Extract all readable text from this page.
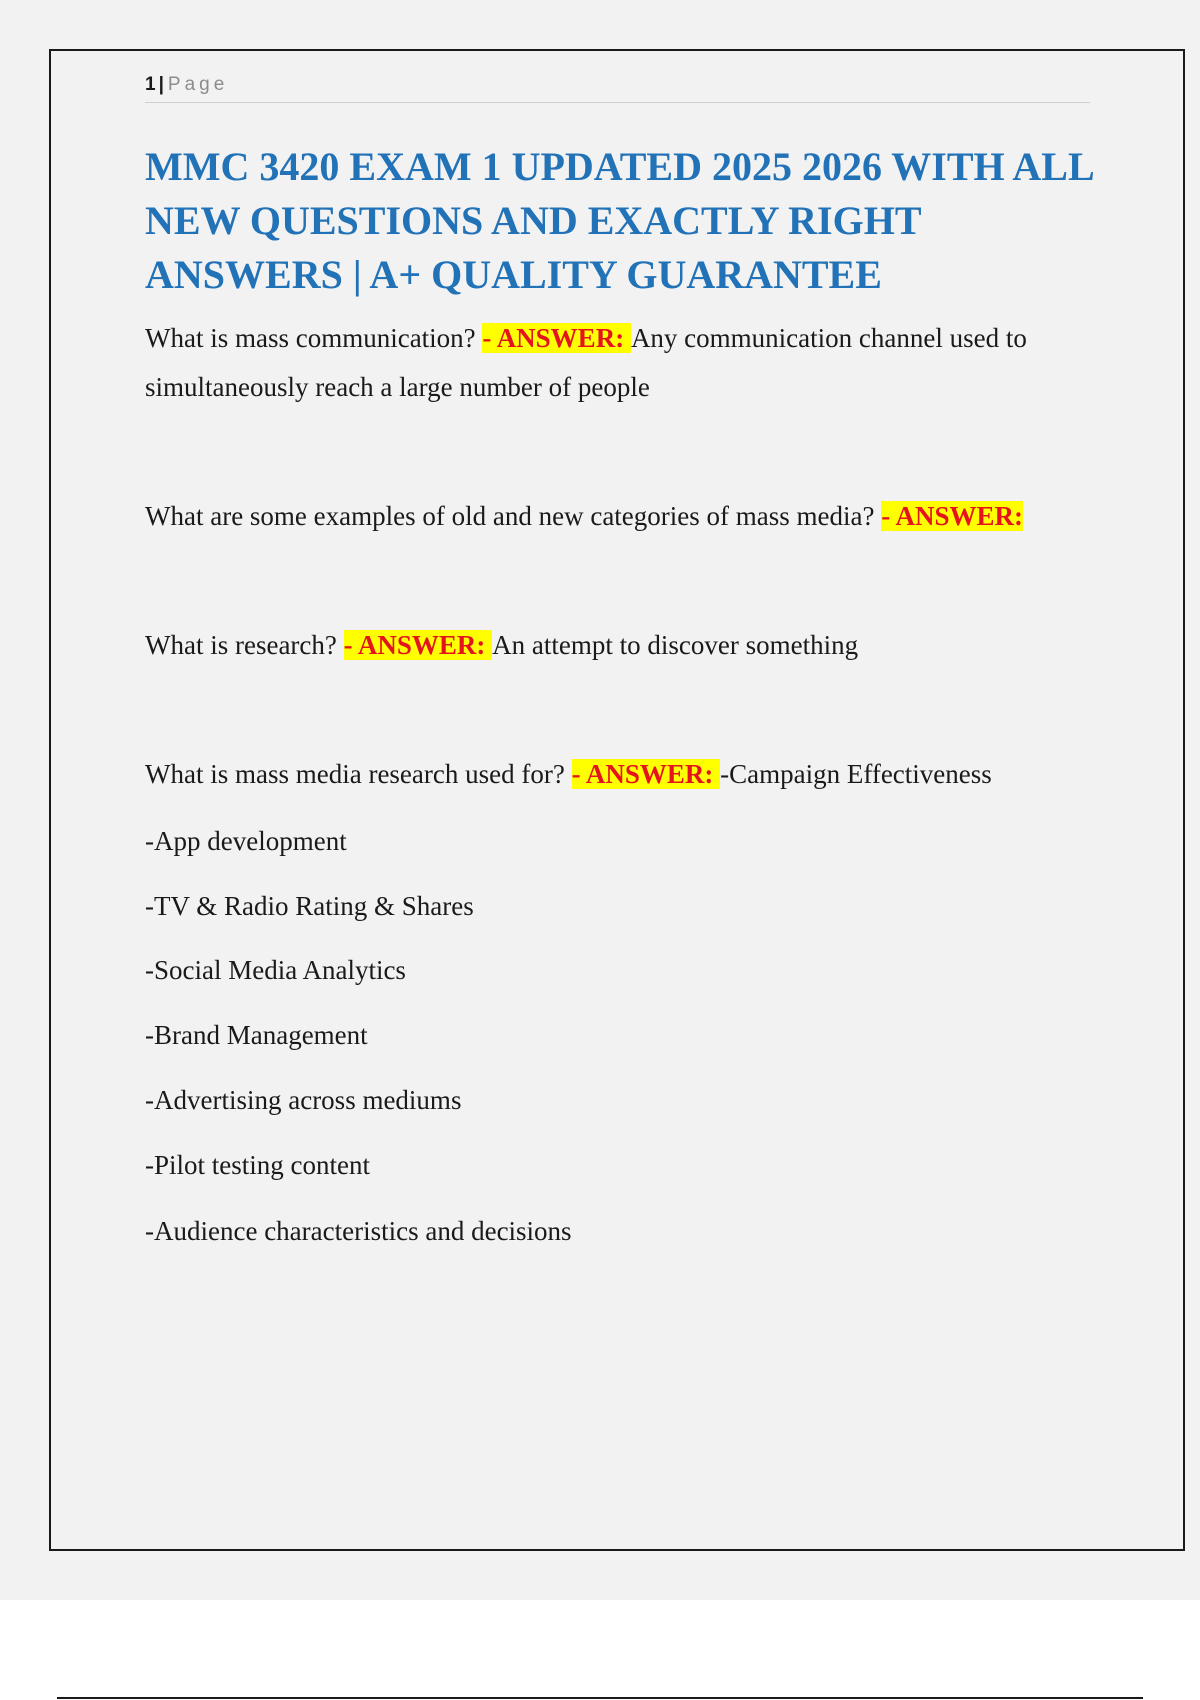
1 | Page
MMC 3420 EXAM 1 UPDATED 2025 2026 WITH ALL NEW QUESTIONS AND EXACTLY RIGHT ANSWERS | A+ QUALITY GUARANTEE

What is mass communication? - ANSWER: Any communication channel used to simultaneously reach a large number of people

What are some examples of old and new categories of mass media? - ANSWER:

What is research? - ANSWER: An attempt to discover something

What is mass media research used for? - ANSWER: -Campaign Effectiveness

-App development
-TV & Radio Rating & Shares
-Social Media Analytics
-Brand Management
-Advertising across mediums
-Pilot testing content
-Audience characteristics and decisions
